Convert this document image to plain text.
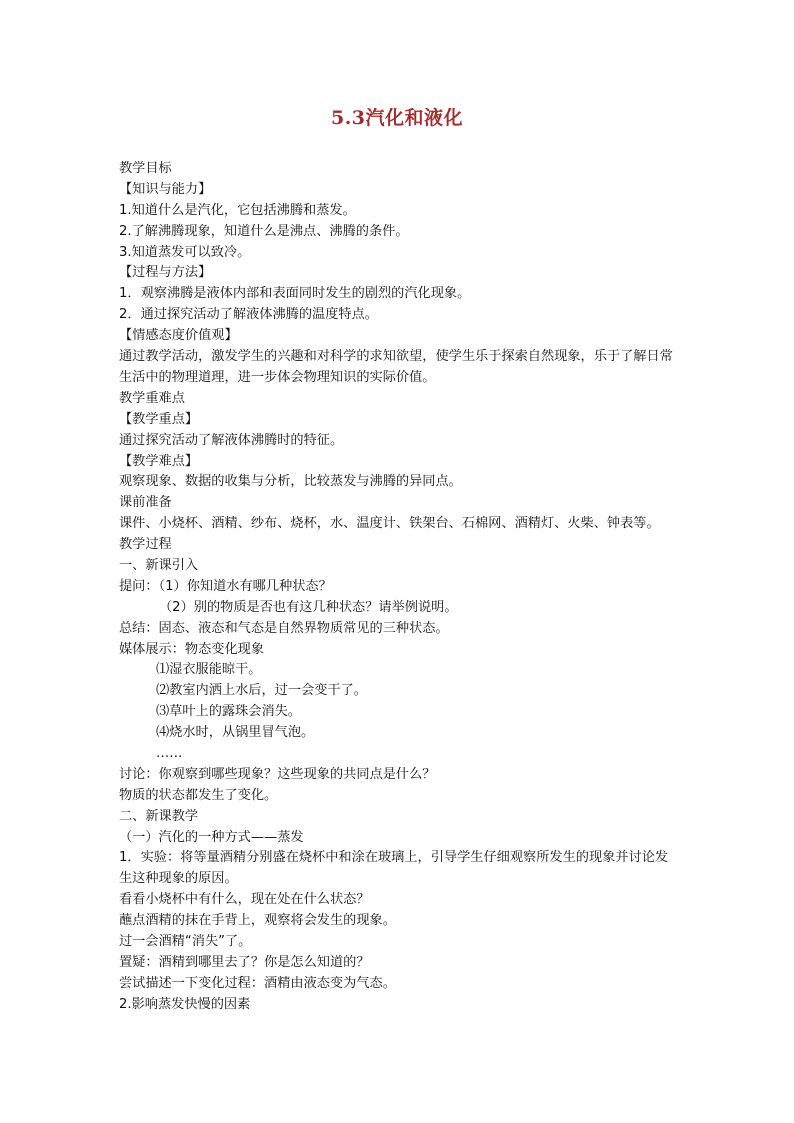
5.3汽化和液化
教学目标
【知识与能力】
1.知道什么是汽化，它包括沸腾和蒸发。
2.了解沸腾现象，知道什么是沸点、沸腾的条件。
3.知道蒸发可以致冷。
【过程与方法】
1．观察沸腾是液体内部和表面同时发生的剧烈的汽化现象。
2．通过探究活动了解液体沸腾的温度特点。
【情感态度价值观】
通过教学活动，激发学生的兴趣和对科学的求知欲望，使学生乐于探索自然现象，乐于了解日常生活中的物理道理，进一步体会物理知识的实际价值。
教学重难点
【教学重点】
通过探究活动了解液体沸腾时的特征。
【教学难点】
观察现象、数据的收集与分析，比较蒸发与沸腾的异同点。
课前准备
课件、小烧杯、酒精、纱布、烧杯，水、温度计、铁架台、石棉网、酒精灯、火柴、钟表等。
教学过程
一、新课引入
提问：（1）你知道水有哪几种状态？
（2）别的物质是否也有这几种状态？请举例说明。
总结：固态、液态和气态是自然界物质常见的三种状态。
媒体展示：物态变化现象
⑴湿衣服能晾干。
⑵教室内洒上水后，过一会变干了。
⑶草叶上的露珠会消失。
⑷烧水时，从锅里冒气泡。
……
讨论：你观察到哪些现象？这些现象的共同点是什么？
物质的状态都发生了变化。
二、新课教学
（一）汽化的一种方式——蒸发
1．实验：将等量酒精分别盛在烧杯中和涂在玻璃上，引导学生仔细观察所发生的现象并讨论发生这种现象的原因。
看看小烧杯中有什么，现在处在什么状态？
蘸点酒精的抹在手背上，观察将会发生的现象。
过一会酒精“消失”了。
置疑：酒精到哪里去了？你是怎么知道的？
尝试描述一下变化过程：酒精由液态变为气态。
2.影响蒸发快慢的因素
